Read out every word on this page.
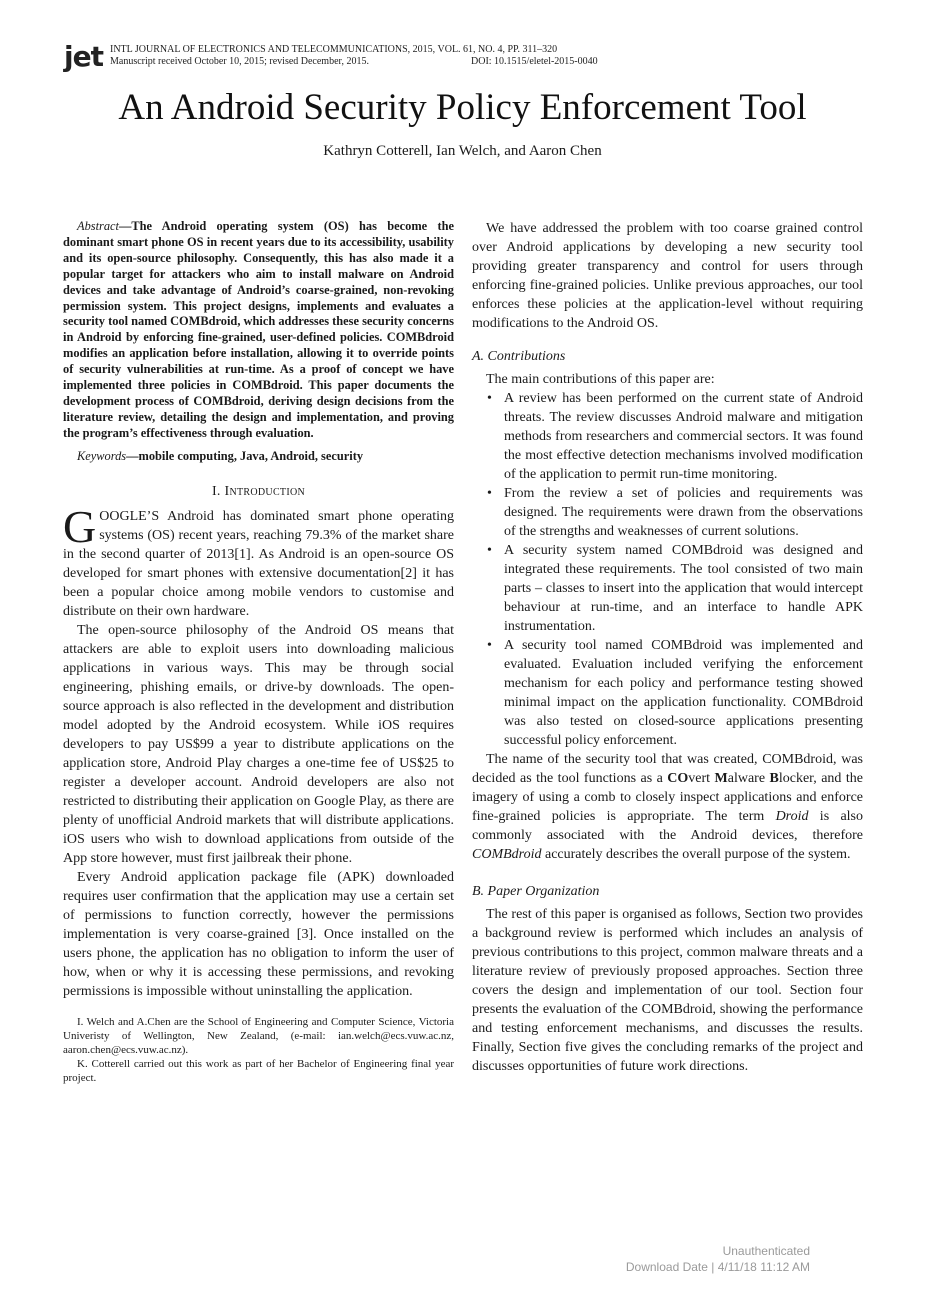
jet INTL JOURNAL OF ELECTRONICS AND TELECOMMUNICATIONS, 2015, VOL. 61, NO. 4, PP. 311–320
Manuscript received October 10, 2015; revised December, 2015.	DOI: 10.1515/eletel-2015-0040
An Android Security Policy Enforcement Tool
Kathryn Cotterell, Ian Welch, and Aaron Chen
Abstract—The Android operating system (OS) has become the dominant smart phone OS in recent years due to its accessibility, usability and its open-source philosophy. Consequently, this has also made it a popular target for attackers who aim to install malware on Android devices and take advantage of Android’s coarse-grained, non-revoking permission system. This project designs, implements and evaluates a security tool named COMBdroid, which addresses these security concerns in Android by enforcing fine-grained, user-defined policies. COMBdroid modifies an application before installation, allowing it to override points of security vulnerabilities at run-time. As a proof of concept we have implemented three policies in COMBdroid. This paper documents the development process of COMBdroid, deriving design decisions from the literature review, detailing the design and implementation, and proving the program’s effectiveness through evaluation.
Keywords—mobile computing, Java, Android, security
I. Introduction

GOOGLE’S Android has dominated smart phone operating systems (OS) recent years, reaching 79.3% of the market share in the second quarter of 2013[1]. As Android is an open-source OS developed for smart phones with extensive documentation[2] it has been a popular choice among mobile vendors to customise and distribute on their own hardware.

The open-source philosophy of the Android OS means that attackers are able to exploit users into downloading malicious applications in various ways. This may be through social engineering, phishing emails, or drive-by downloads. The open-source approach is also reflected in the development and distribution model adopted by the Android ecosystem. While iOS requires developers to pay US$99 a year to distribute applications on the application store, Android Play charges a one-time fee of US$25 to register a developer account. Android developers are also not restricted to distributing their application on Google Play, as there are plenty of unofficial Android markets that will distribute applications. iOS users who wish to download applications from outside of the App store however, must first jailbreak their phone.

Every Android application package file (APK) downloaded requires user confirmation that the application may use a certain set of permissions to function correctly, however the permissions implementation is very coarse-grained [3]. Once installed on the users phone, the application has no obligation to inform the user of how, when or why it is accessing these permissions, and revoking permissions is impossible without uninstalling the application.

I. Welch and A.Chen are the School of Engineering and Computer Science, Victoria Univeristy of Wellington, New Zealand, (e-mail: ian.welch@ecs.vuw.ac.nz, aaron.chen@ecs.vuw.ac.nz).

K. Cotterell carried out this work as part of her Bachelor of Engineering final year project.

We have addressed the problem with too coarse grained control over Android applications by developing a new security tool providing greater transparency and control for users through enforcing fine-grained policies. Unlike previous approaches, our tool enforces these policies at the application-level without requiring modifications to the Android OS.

A. Contributions

The main contributions of this paper are:

• A review has been performed on the current state of Android threats. The review discusses Android malware and mitigation methods from researchers and commercial sectors. It was found the most effective detection mechanisms involved modification of the application to permit run-time monitoring.
• From the review a set of policies and requirements was designed. The requirements were drawn from the observations of the strengths and weaknesses of current solutions.
• A security system named COMBdroid was designed and integrated these requirements. The tool consisted of two main parts – classes to insert into the application that would intercept behaviour at run-time, and an interface to handle APK instrumentation.
• A security tool named COMBdroid was implemented and evaluated. Evaluation included verifying the enforcement mechanism for each policy and performance testing showed minimal impact on the application functionality. COMBdroid was also tested on closed-source applications presenting successful policy enforcement.

The name of the security tool that was created, COMBdroid, was decided as the tool functions as a COvert Malware Blocker, and the imagery of using a comb to closely inspect applications and enforce fine-grained policies is appropriate. The term Droid is also commonly associated with the Android devices, therefore COMBdroid accurately describes the overall purpose of the system.

B. Paper Organization

The rest of this paper is organised as follows, Section two provides a background review is performed which includes an analysis of previous contributions to this project, common malware threats and a literature review of previously proposed approaches. Section three covers the design and implementation of our tool. Section four presents the evaluation of the COMBdroid, showing the performance and testing enforcement mechanisms, and discusses the results. Finally, Section five gives the concluding remarks of the project and discusses opportunities of future work directions.

Unauthenticated
Download Date | 4/11/18 11:12 AM
